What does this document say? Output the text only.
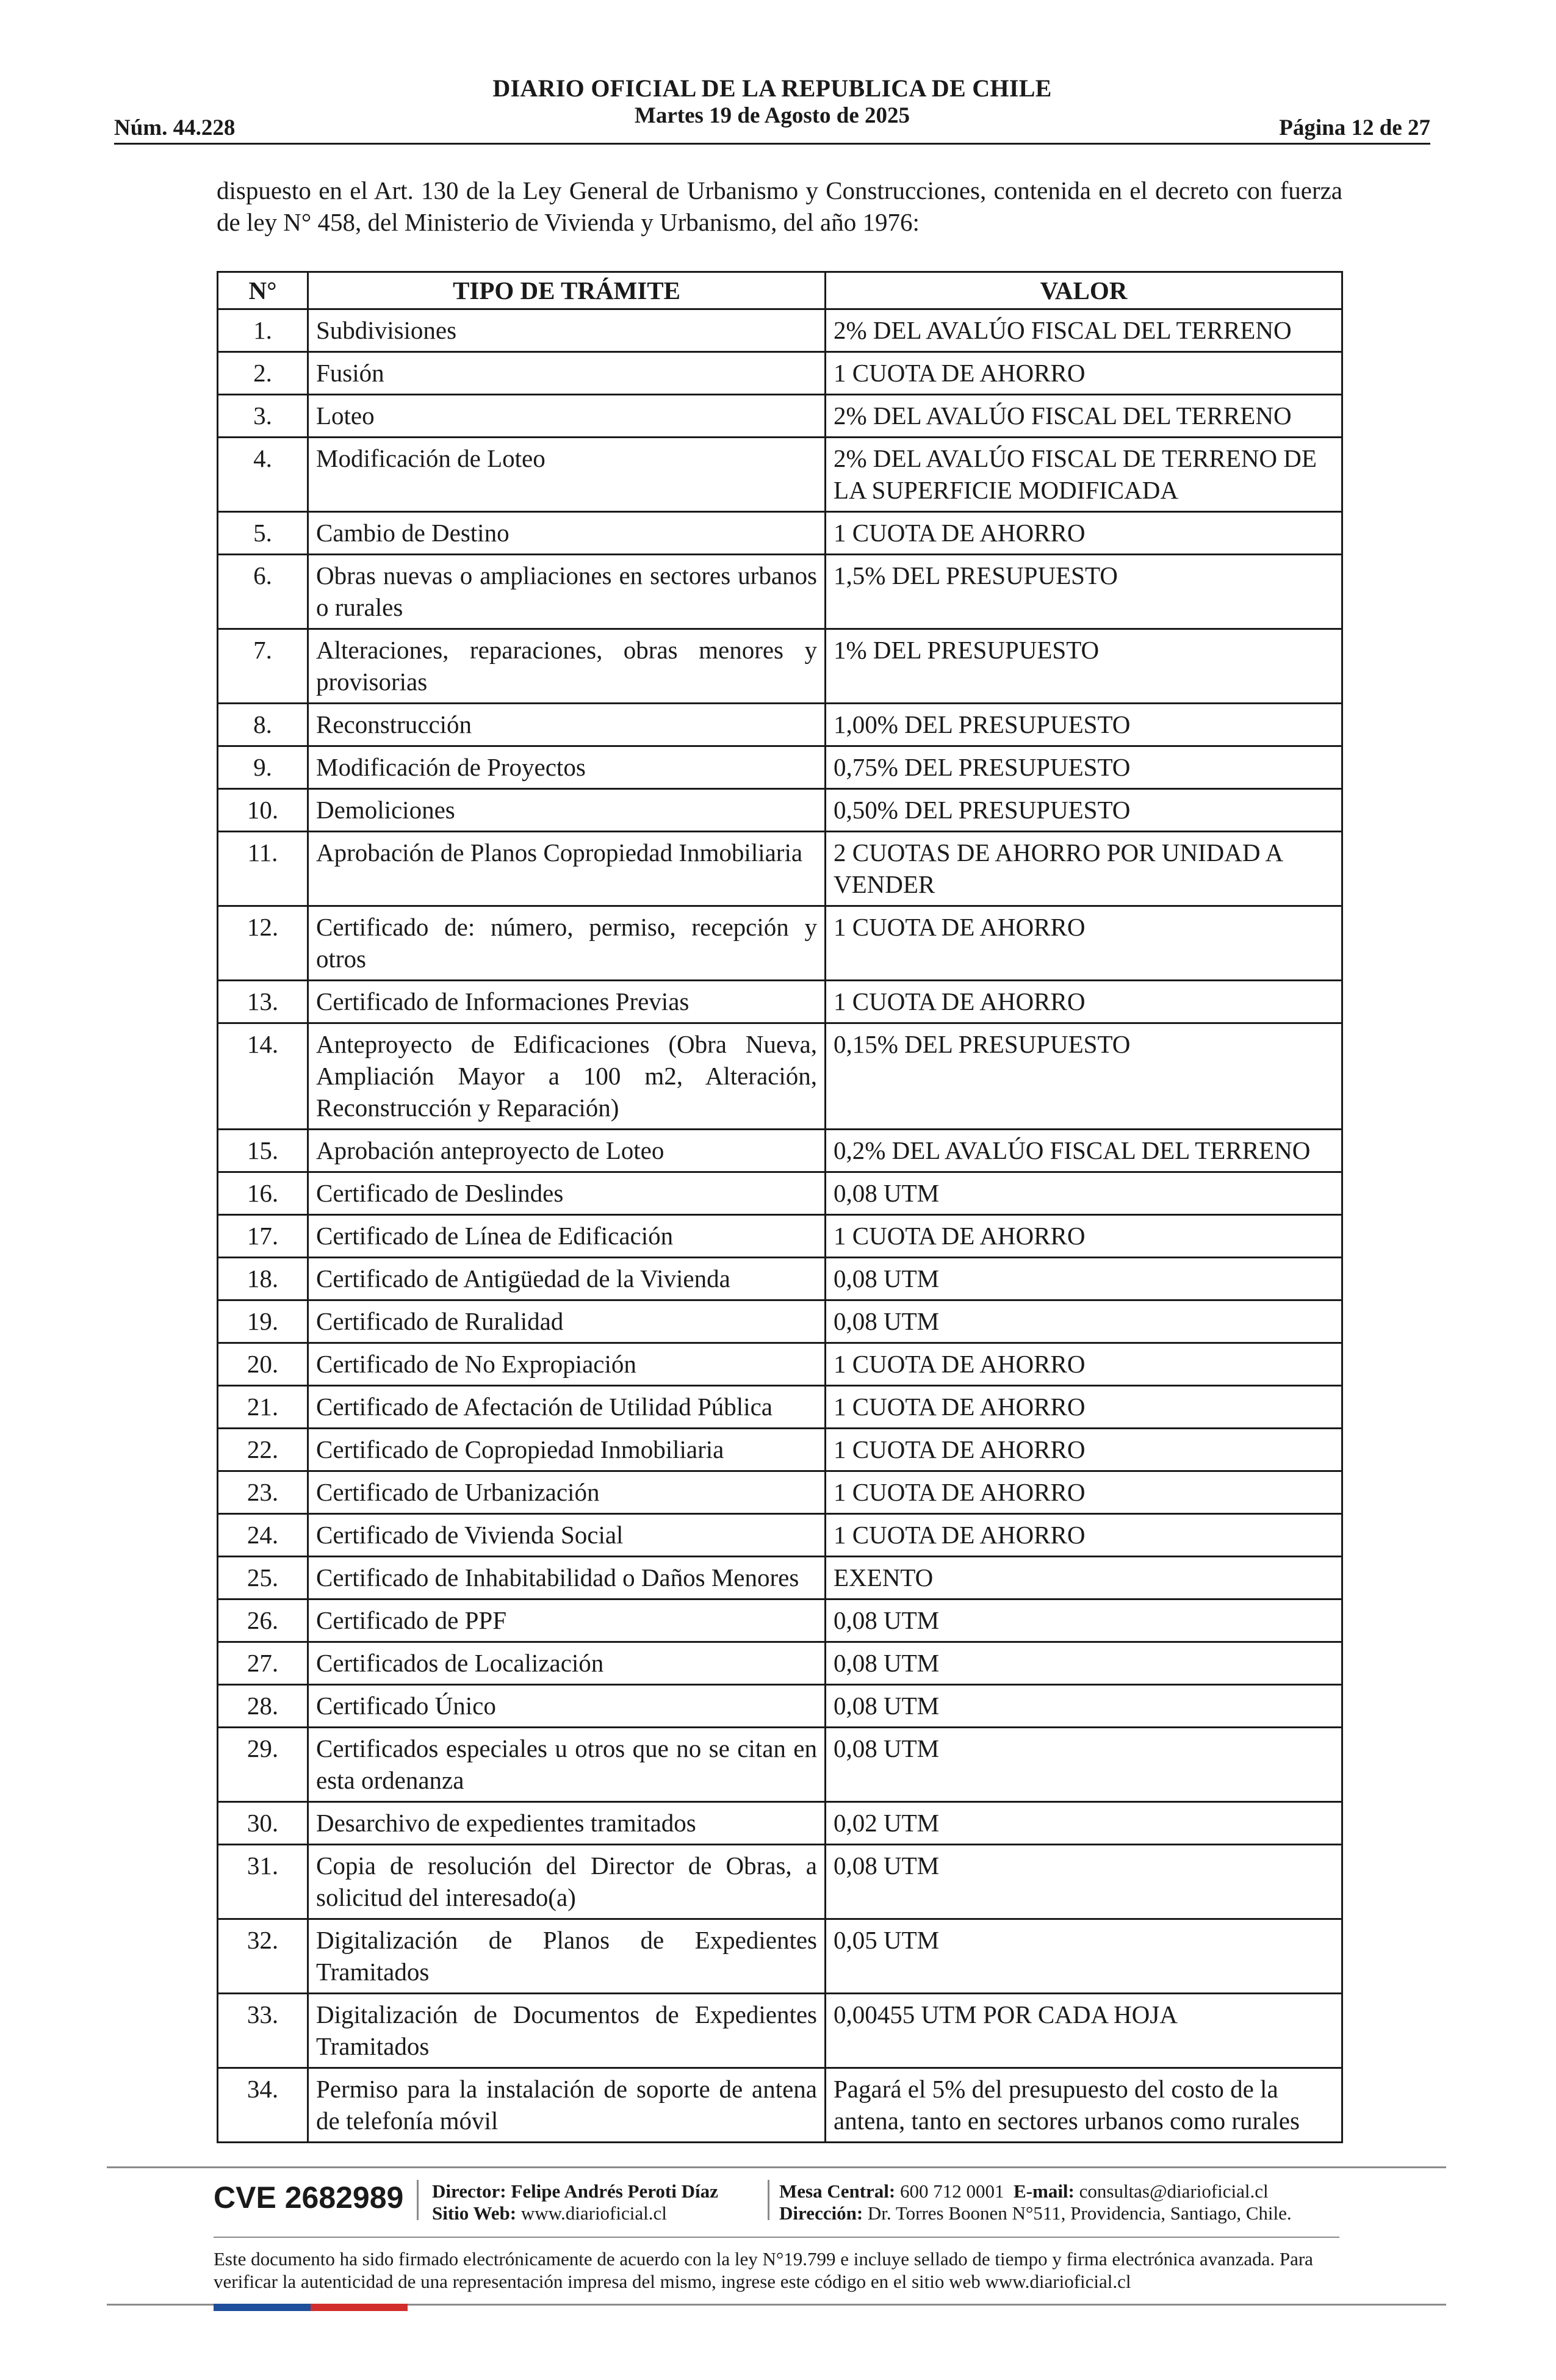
Núm. 44.228
DIARIO OFICIAL DE LA REPUBLICA DE CHILE
Martes 19 de Agosto de 2025	Página 12 de 27
dispuesto en el Art. 130 de la Ley General de Urbanismo y Construcciones, contenida en el decreto con fuerza de ley N° 458, del Ministerio de Vivienda y Urbanismo, del año 1976:
N°	TIPO DE TRÁMITE	VALOR
1.	Subdivisiones	2% DEL AVALÚO FISCAL DEL TERRENO
2.	Fusión	1 CUOTA DE AHORRO
3.	Loteo	2% DEL AVALÚO FISCAL DEL TERRENO
4.	Modificación de Loteo	2% DEL AVALÚO FISCAL DE TERRENO DE LA SUPERFICIE MODIFICADA
5.	Cambio de Destino	1 CUOTA DE AHORRO
6.	Obras nuevas o ampliaciones en sectores urbanos o rurales	1,5% DEL PRESUPUESTO
7.	Alteraciones, reparaciones, obras menores y provisorias	1% DEL PRESUPUESTO
8.	Reconstrucción	1,00% DEL PRESUPUESTO
9.	Modificación de Proyectos	0,75% DEL PRESUPUESTO
10.	Demoliciones	0,50% DEL PRESUPUESTO
11.	Aprobación de Planos Copropiedad Inmobiliaria	2 CUOTAS DE AHORRO POR UNIDAD A VENDER
12.	Certificado de: número, permiso, recepción y otros	1 CUOTA DE AHORRO
13.	Certificado de Informaciones Previas	1 CUOTA DE AHORRO
14.	Anteproyecto de Edificaciones (Obra Nueva, Ampliación Mayor a 100 m2, Alteración, Reconstrucción y Reparación)	0,15% DEL PRESUPUESTO
15.	Aprobación anteproyecto de Loteo	0,2% DEL AVALÚO FISCAL DEL TERRENO
16.	Certificado de Deslindes	0,08 UTM
17.	Certificado de Línea de Edificación	1 CUOTA DE AHORRO
18.	Certificado de Antigüedad de la Vivienda	0,08 UTM
19.	Certificado de Ruralidad	0,08 UTM
20.	Certificado de No Expropiación	1 CUOTA DE AHORRO
21.	Certificado de Afectación de Utilidad Pública	1 CUOTA DE AHORRO
22.	Certificado de Copropiedad Inmobiliaria	1 CUOTA DE AHORRO
23.	Certificado de Urbanización	1 CUOTA DE AHORRO
24.	Certificado de Vivienda Social	1 CUOTA DE AHORRO
25.	Certificado de Inhabitabilidad o Daños Menores	EXENTO
26.	Certificado de PPF	0,08 UTM
27.	Certificados de Localización	0,08 UTM
28.	Certificado Único	0,08 UTM
29.	Certificados especiales u otros que no se citan en esta ordenanza	0,08 UTM
30.	Desarchivo de expedientes tramitados	0,02 UTM
31.	Copia de resolución del Director de Obras, a solicitud del interesado(a)	0,08 UTM
32.	Digitalización de Planos de Expedientes Tramitados	0,05 UTM
33.	Digitalización de Documentos de Expedientes Tramitados	0,00455 UTM POR CADA HOJA
34.	Permiso para la instalación de soporte de antena de telefonía móvil	Pagará el 5% del presupuesto del costo de la antena, tanto en sectores urbanos como rurales
CVE 2682989 Director: Felipe Andrés Peroti Díaz
Sitio Web: www.diarioficial.cl
Mesa Central: 600 712 0001 E-mail: consultas@diarioficial.cl
Dirección: Dr. Torres Boonen N°511, Providencia, Santiago, Chile.
Este documento ha sido firmado electrónicamente de acuerdo con la ley N°19.799 e incluye sellado de tiempo y firma electrónica avanzada. Para verificar la autenticidad de una representación impresa del mismo, ingrese este código en el sitio web www.diarioficial.cl
